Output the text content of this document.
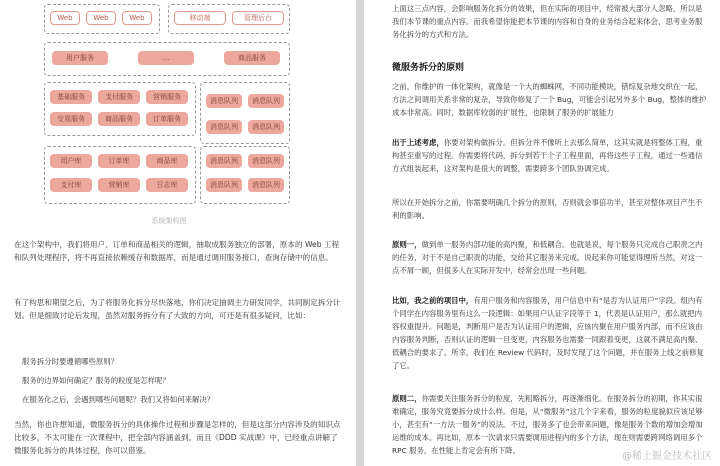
Web	Web	Web	移动端	管理后台
用户服务	…	商品服务
基础服务	支付服务	营销服务
交易服务	商品服务	订单服务
消息队列	消息队列
消息队列	消息队列
用户库	订单库	商品库
支付库	营销库	日志库
消息队列	消息队列
消息队列	消息队列
系统架构图

在这个架构中，我们将用户、订单和商品相关的逻辑，抽取成服务独立的部署，原本的 Web 工程和队列处理程序，将不再直接依赖缓存和数据库，而是通过调用服务接口，查询存储中的信息。

有了构思和期望之后，为了将服务化拆分尽快落地，你们决定抽调主力研发同学，共同制定拆分计划。但是细致讨论后发现，虽然对服务拆分有了大致的方向，可还是有很多疑问，比如：

服务拆分时要遵循哪些原则？
服务的边界如何确定？服务的粒度是怎样呢？
在服务化之后，会遇到哪些问题呢？我们又将如何来解决？

当然，你也许想知道，微服务拆分的具体操作过程和步骤是怎样的，但是这部分内容涉及的知识点比较多，不太可能在一次课程中，把全部内容涵盖到。而且《DDD 实战课》中，已经重点讲解了微服务化拆分的具体过程，你可以借鉴。

上面这三点内容，会影响服务化拆分的效果，但在实际的项目中，经常被大部分人忽略，所以是我们本节课的重点内容。而我希望你能把本节课的内容和自身的业务结合起来体会，思考业务服务化拆分的方式和方法。

微服务拆分的原则

之前，你维护的一体化架构，就像是一个大的蜘蛛网，不同功能模块，错综复杂地交织在一起，方法之间调用关系非常的复杂，导致你修复了一个 Bug，可能会引起另外多个 Bug，整体的维护成本非常高。同时，数据库较弱的扩展性，也限制了服务的扩展能力

出于上述考虑，你要对架构做拆分。但拆分并不像听上去那么简单，这其实就是将整体工程，重构甚至重写的过程。你需要将代码，拆分到若干个子工程里面，再将这些子工程，通过一些通信方式组装起来，这对架构是很大的调整，需要跨多个团队协调完成。

所以在开始拆分之前，你需要明确几个拆分的原则，否则就会事倍功半，甚至对整体项目产生不利的影响。

原则一，做到单一服务内部功能的高内聚，和低耦合。也就是说，每个服务只完成自己职责之内的任务，对于不是自己职责的功能，交给其它服务来完成。说起来你可能觉得理所当然，对这一点不屑一顾，但很多人在实际开发中，经常会出现一些问题。

比如，我之前的项目中，有用户服务和内容服务，用户信息中有“是否为认证用户”字段。组内有个同学在内容服务里有这么一段逻辑：如果用户认证字段等于 1，代表是认证用户，那么就把内容权重提升。问题是，判断用户是否为认证用户的逻辑，应该内聚在用户服务内部，而不应该由内容服务判断，否则认证的逻辑一旦变更，内容服务也需要一同跟着变更，这就不满足高内聚、低耦合的要求了。所幸，我们在 Review 代码时，及时发现了这个问题，并在服务上线之前修复了它。

原则二，你需要关注服务拆分的粒度，先粗略拆分，再逐渐细化。在服务拆分的初期，你其实很难确定，服务究竟要拆分成什么样。但是，从“微服务”这几个字来看，服务的粒度貌似应该足够小，甚至有“一方法一服务”的说法。不过，服务多了也会带来问题，像是服务个数的增加会增加运维的成本。再比如，原本一次请求只需要调用进程内的多个方法，现在则需要跨网络调用多个 RPC 服务，在性能上肯定会有所下降。

@稀土掘金技术社区
